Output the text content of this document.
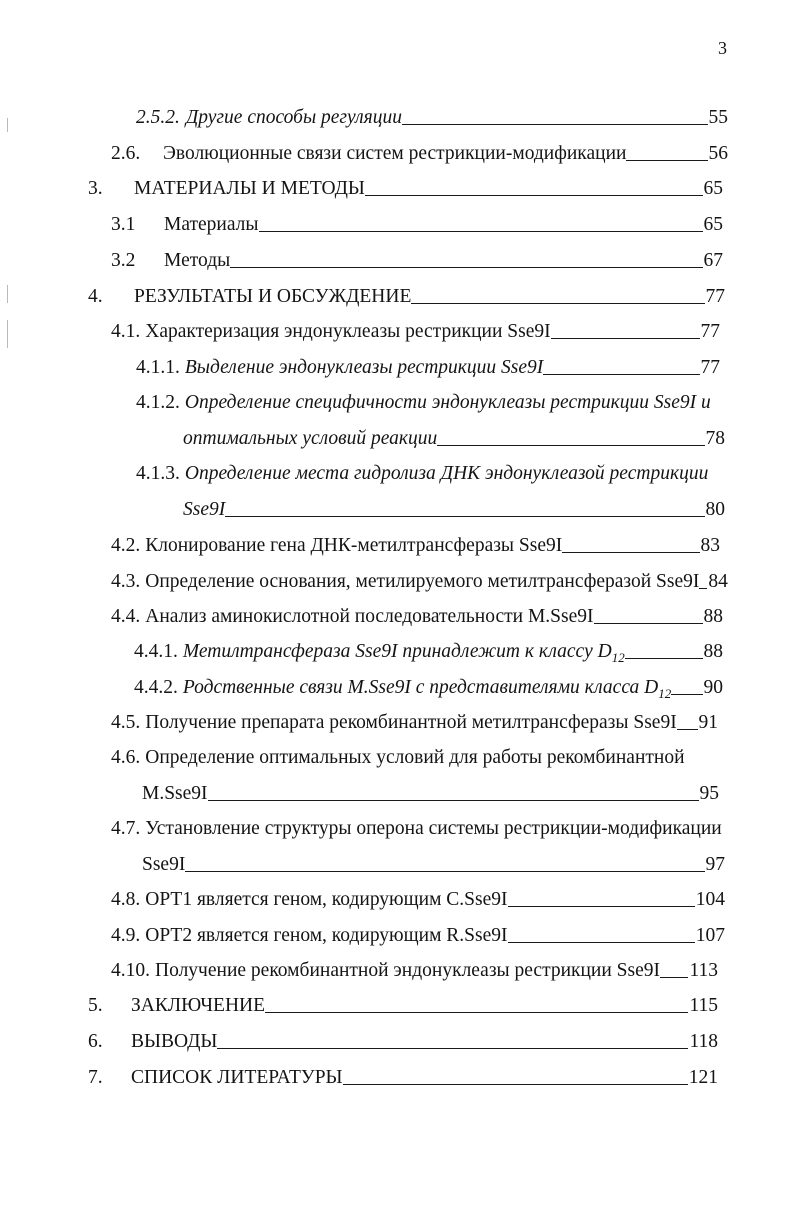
3
2.5.2. Другие способы регуляции	55
2.6.	Эволюционные связи систем рестрикции-модификации	56
3.	МАТЕРИАЛЫ И МЕТОДЫ	65
3.1	Материалы	65
3.2	Методы	67
4.	РЕЗУЛЬТАТЫ И ОБСУЖДЕНИЕ	77
4.1. Характеризация эндонуклеазы рестрикции Sse9I	77
4.1.1. Выделение эндонуклеазы рестрикции Sse9I	77
4.1.2. Определение специфичности эндонуклеазы рестрикции Sse9I и
оптимальных условий реакции	78
4.1.3. Определение места гидролиза ДНК эндонуклеазой рестрикции
Sse9I	80
4.2. Клонирование гена ДНК-метилтрансферазы Sse9I	83
4.3. Определение основания, метилируемого метилтрансферазой Sse9I 84
4.4. Анализ аминокислотной последовательности M.Sse9I	88
4.4.1. Метилтрансфераза Sse9I принадлежит к классу $D_{12}$	88
4.4.2. Родственные связи M.Sse9I с представителями класса $D_{12}$ 90
4.5. Получение препарата рекомбинантной метилтрансферазы Sse9I 91
4.6. Определение оптимальных условий для работы рекомбинантной
M.Sse9I	95
4.7. Установление структуры оперона системы рестрикции-модификации
Sse9I	97
4.8. ОРТ1 является геном, кодирующим C.Sse9I	104
4.9. ОРТ2 является геном, кодирующим R.Sse9I	107
4.10. Получение рекомбинантной эндонуклеазы рестрикции Sse9I 113
5.	ЗАКЛЮЧЕНИЕ	115
6.	ВЫВОДЫ	118
7.	СПИСОК ЛИТЕРАТУРЫ	121
